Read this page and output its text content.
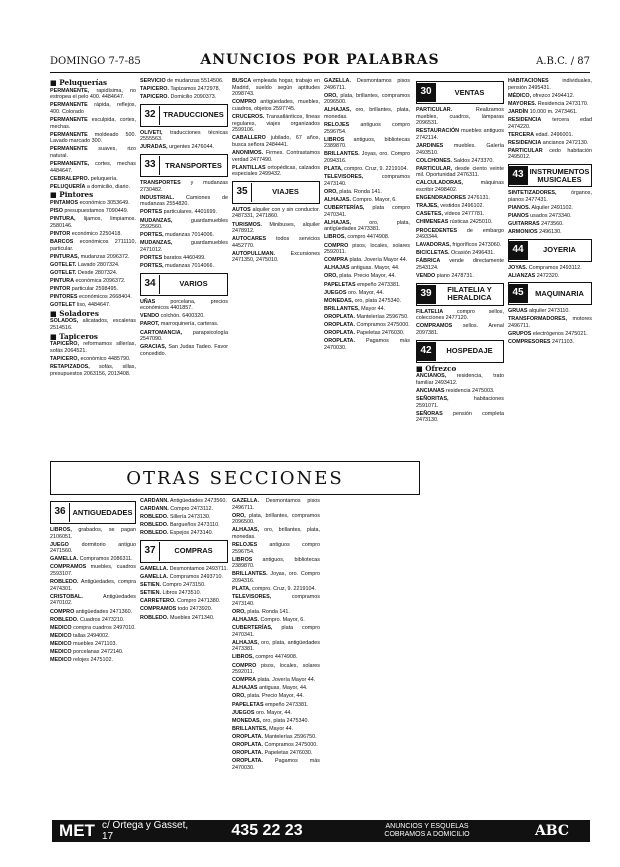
DOMINGO 7-7-85	ANUNCIOS POR PALABRAS	A.B.C. / 87
■ Peluquerías
PERMANENTE, rapidísima, no estropea el pelo 400. 4484647.
PERMANENTE rápida, reflejos, 400. Colorado
PERMANENTE esculpida, cortes, mechas.
PERMANENTE moldeado 500. Lavado marcado 300.
PERMANENTE suaves, rizo natural.
PERMANENTE, cortes, mechas 4484647.
CEBRALEPRO. peluquería.
PELUQUERÍA a domicilio, diario.
■ Pintores
PINTAMOS económico 3053649.
PISO presupuestamos 7090449.
PINTURA, lijamos, limpiamos. 2580146.
PINTOR económico 2250418.
BARCOS económicos 2711110, particular.
PINTURAS, mudanzas 2096372.
GOTELET. Lavado 2807324.
GOTELET. Desde 2807324.
PINTURA económica 2096372.
PINTOR particular 2598495.
PINTORES económicos 2668404.
GOTELET liso, 4484647.
■ Soladores
SOLADOS, alicatados, escaleras 2514516.
■ Tapiceros
TAPICERO, reformamos sillerías, sofás 2064521.
TAPICERO, económico 4485790.
RETAPIZADOS, sofás, sillas, presupuestos 2063156, 2013408.
SERVICIO de mudanzas 5514506.
TAPICERO. Tapizamos 2472978.
TAPICERO. Domicilio 2090373.
32	TRADUCCIONES
OLIVETI, traducciones técnicas 2555563.
JURADAS, urgentes 2476044.
33	TRANSPORTES
TRANSPORTES y mudanzas 2730482.
INDUSTRIAL. Camiones de mudanzas 2554820.
PORTES particulares. 4401699.
MUDANZAS,	guardamuebles 2592560.
PORTES, mudanzas 7014006.
MUDANZAS,	guardamuebles 2471012.
PORTES baratos 4460499.
PORTES, mudanzas 7014066.
34	VARIOS
UÑAS	porcelana, precios económicos 4401857.
VENDO colchón. 6400320.
PAROT, marroquinería, carteras.
CARTOMANCIA, parapsicología 2547090.
GRACIAS, San Judas Tadeo. Favor concedido.
BUSCA empleada hogar, trabajo en Madrid, sueldo según aptitudes 2098743.
COMPRO antigüedades, muebles, cuadros, objetos 2597745.
CRUCEROS. Transatlánticos, líneas regulares, viajes organizados 2599106.
CABALLERO jubilado, 67 años, busca señora 2484441.
ANONIMOS. Firmes. Contrastamos verdad 2477490.
PLANTILLAS ortopédicas, calzados especiales 2499432.
35	VIAJES
AUTOS alquiler con y sin conductor. 2487331, 2471860.
TURISMOS. Minibuses, alquiler 2478912.
AUTOCARES todos servicios 4452770.
AUTOPULLMAN.	Excursiones 2471350, 2475010.
GAZELLA. Desmontamos pisos 2496711.
ORO, plata, brillantes, compramos 2096500.
ALHAJAS, oro, brillantes, plata, monedas.
RELOJES antiguos compro 2596754.
LIBROS antiguos, bibliotecas 2389870.
BRILLANTES. Joyas, oro. Compro 2094316.
PLATA, compro. Cruz, 9. 2219104.
TELEVISORES,	compramos 2473140.
ORO, plata. Ronda 141.
ALHAJAS. Compro. Mayor, 6.
CUBERTERÍAS, plata compro 2470341.
ALHAJAS,	oro, plata, antigüedades 2473381.
LIBROS, compro 4474908.
COMPRO pisos, locales, solares 2592011.
COMPRA plata. Jovería Mayor 44.
ALHAJAS antiguas. Mayor, 44.
ORO, plata. Precio Mayor, 44.
PAPELETAS empeño 2473381.
JUEGOS oro. Mayor, 44.
MONEDAS, oro, plata 2475340.
BRILLANTES, Mayor 44.
OROPLATA. Mantelerías 2596750.
OROPLATA. Compramos 2475000.
OROPLATA. Papeletas 2476030.
OROPLATA. Pagamos más 2470030.
30	VENTAS
PARTICULAR.	Realizamos muebles, cuadros, lámparas 2096531.
RESTAURACIÓN muebles antiguos 2742114.
JARDINES muebles. Galería 2493510.
COLCHONES. Saldos 2473370.
PARTICULAR, desde ciento veinte mil. Oportunidad 2476311.
CALCULADORAS,	máquinas escribir 2498402.
ENGENDRADORES 2476131.
TRAJES, vestidos 2496102.
CASETES, vídeos 2477781.
CHIMENEAS rústicas 2425010.
PROCEDENTES de embargo 2493344.
LAVADORAS, frigoríficos 2473060.
BICICLETAS. Ocasión 2496431.
FÁBRICA vende directamente 2543124.
VENDO piano 2478731.
39	FILATELIA Y HERALDICA
FILATELIA	compro sellos, colecciones 2477120.
COMPRAMOS sellos. Arenal 2097381.
42	HOSPEDAJE
■ Ofrezco
ANCIANOS, residencia, trato familiar 2493412.
ANCIANAS residencia 2475003.
SEÑORITAS,	habitaciones 2591071.
SEÑORAS pensión completa 2473130.
HABITACIONES	individuales, pensión 2495431.
MÉDICO, ofrezco 2494412.
MAYORES. Residencia 2473170.
JARDÍN 10.000 m. 2473461.
RESIDENCIA tercera edad 2474220.
TERCERA edad. 2496001.
RESIDENCIA ancianos 2472130.
PARTICULAR cedo habitación 2495012.
43 INSTRUMENTOS MUSICALES
SINTETIZADORES,	órganos, pianos 2477431.
PIANOS. Alquiler 2491102.
PIANOS usados 2473340.
GUITARRAS 2473560.
ARMONIOS 2496130.
44	JOYERIA
JOYAS. Compramos 2493112.
ALIANZAS 2472320.
45	MAQUINARIA
GRUAS alquiler 2473110.
TRANSFORMADORES, motores 2496711.
GRUPOS electrógenos 2475021.
COMPRESORES 2471103.
OTRAS SECCIONES
36 ANTIGUEDADES
LIBROS, grabados, se pagan 2106051.
JUEGO dormitorio antiguo 2471560.
GAMELLA. Compramos 2086311.
COMPRAMOS muebles, cuadros 2593107.
ROBLEDO. Antigüedades, compra 2474301.
CRISTOBAL.	Antigüedades 2470102.
COMPRO antigüedades 2471360.
ROBLEDO. Cuadros 2473210.
MEDICO compra cuadros 2497010.
MEDICO tallas 2494002.
MEDICO muebles 2471103.
MEDICO porcelanas 2472140.
MEDICO relojes 2475102.
CARDANN. Antigüedades 2473560.
CARDANN. Compro 2473112.
ROBLEDO. Sillería 2473130.
ROBLEDO. Bargueños 2473110.
ROBLEDO. Espejos 2473140.
37	COMPRAS
GAMELLA. Desmontamos 2493711.
GAMELLA. Compramos 2493710.
SETIEN. Compro 2473150.
SETIEN. Libros 2473510.
CARRETERO. Compro 2471380.
COMPRAMOS todo 2473920.
ROBLEDO. Muebles 2471340.
GAZELLA. Desmontamos pisos 2496711.
ORO, plata, brillantes, compramos 2096500.
ALHAJAS, oro, brillantes, plata, monedas.
RELOJES antiguos compro 2596754.
LIBROS antiguos, bibliotecas 2389870.
BRILLANTES. Joyas, oro. Compro 2094316.
PLATA, compro. Cruz, 9. 2219104.
TELEVISORES,	compramos 2473140.
ORO, plata. Ronda 141.
ALHAJAS. Compro. Mayor, 6.
CUBERTERÍAS, plata compro 2470341.
ALHAJAS, oro, plata, antigüedades 2473381.
LIBROS, compro 4474908.
COMPRO pisos, locales, solares 2592011.
COMPRA plata. Jovería Mayor 44.
ALHAJAS antiguas. Mayor, 44.
ORO, plata. Precio Mayor, 44.
PAPELETAS empeño 2473381.
JUEGOS oro. Mayor, 44.
MONEDAS, oro, plata 2475340.
BRILLANTES, Mayor 44.
OROPLATA. Mantelerías 2596750.
OROPLATA. Compramos 2475000.
OROPLATA. Papeletas 2476030.
OROPLATA. Pagamos más 2470030.
MET c/ Ortega y Gasset, 17	435 22 23	ANUNCIOS Y ESQUELAS
COBRAMOS A DOMICILIO	ABC
